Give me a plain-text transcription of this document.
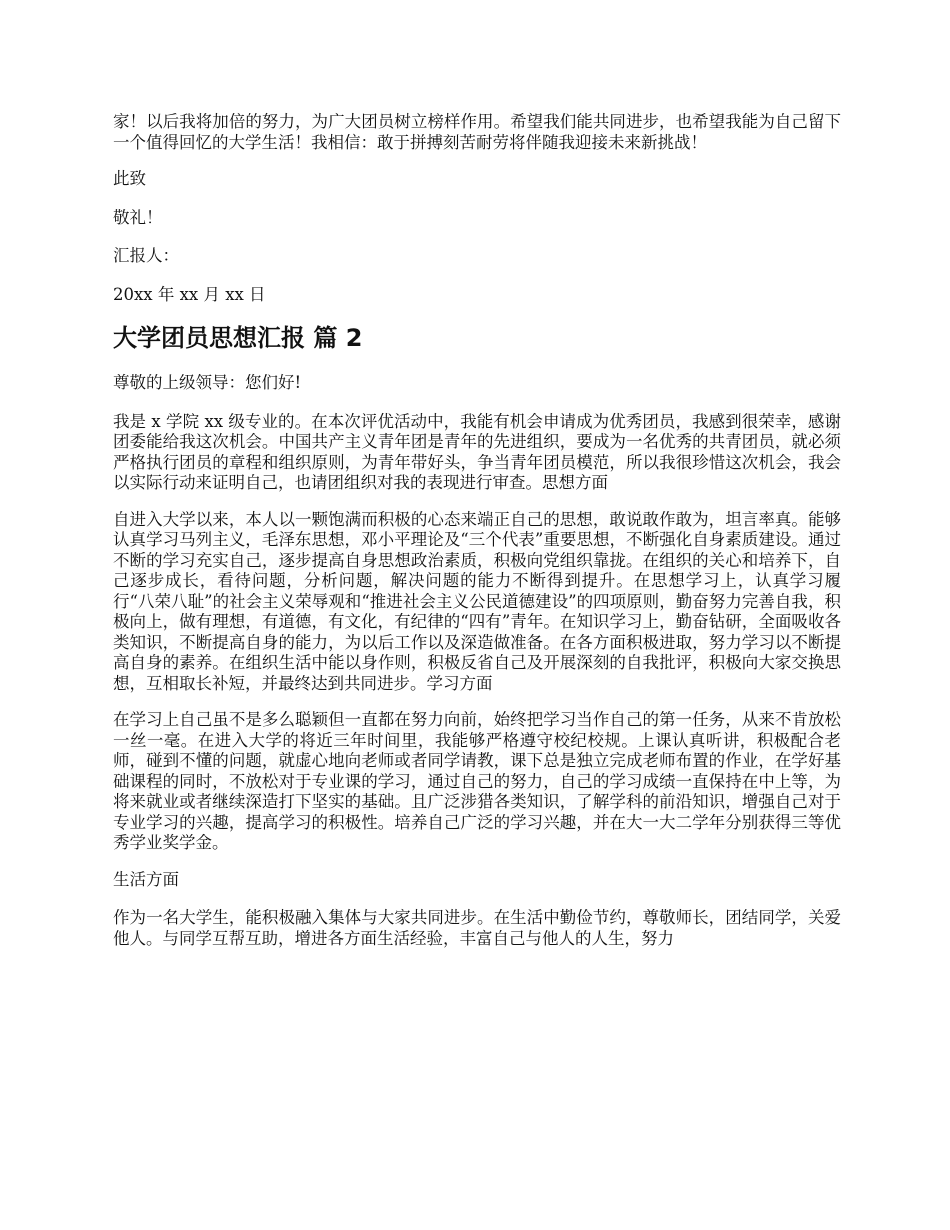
家！以后我将加倍的努力，为广大团员树立榜样作用。希望我们能共同进步，也希望我能为自己留下一个值得回忆的大学生活！我相信：敢于拼搏刻苦耐劳将伴随我迎接未来新挑战！

此致

敬礼！

汇报人：

20xx 年 xx 月 xx 日

大学团员思想汇报 篇 2

尊敬的上级领导：您们好!

我是 x 学院 xx 级专业的。在本次评优活动中，我能有机会申请成为优秀团员，我感到很荣幸，感谢团委能给我这次机会。中国共产主义青年团是青年的先进组织，要成为一名优秀的共青团员，就必须严格执行团员的章程和组织原则，为青年带好头，争当青年团员模范，所以我很珍惜这次机会，我会以实际行动来证明自己，也请团组织对我的表现进行审查。思想方面

自进入大学以来，本人以一颗饱满而积极的心态来端正自己的思想，敢说敢作敢为，坦言率真。能够认真学习马列主义，毛泽东思想，邓小平理论及“三个代表”重要思想，不断强化自身素质建设。通过不断的学习充实自己，逐步提高自身思想政治素质，积极向党组织靠拢。在组织的关心和培养下，自己逐步成长，看待问题，分析问题，解决问题的能力不断得到提升。在思想学习上，认真学习履行“八荣八耻”的社会主义荣辱观和“推进社会主义公民道德建设”的四项原则，勤奋努力完善自我，积极向上，做有理想，有道德，有文化，有纪律的“四有”青年。在知识学习上，勤奋钻研，全面吸收各类知识，不断提高自身的能力，为以后工作以及深造做准备。在各方面积极进取，努力学习以不断提高自身的素养。在组织生活中能以身作则，积极反省自己及开展深刻的自我批评，积极向大家交换思想，互相取长补短，并最终达到共同进步。学习方面

在学习上自己虽不是多么聪颖但一直都在努力向前，始终把学习当作自己的第一任务，从来不肯放松一丝一毫。在进入大学的将近三年时间里，我能够严格遵守校纪校规。上课认真听讲，积极配合老师，碰到不懂的问题，就虚心地向老师或者同学请教，课下总是独立完成老师布置的作业，在学好基础课程的同时，不放松对于专业课的学习，通过自己的努力，自己的学习成绩一直保持在中上等，为将来就业或者继续深造打下坚实的基础。且广泛涉猎各类知识，了解学科的前沿知识，增强自己对于专业学习的兴趣，提高学习的积极性。培养自己广泛的学习兴趣，并在大一大二学年分别获得三等优秀学业奖学金。

生活方面

作为一名大学生，能积极融入集体与大家共同进步。在生活中勤俭节约，尊敬师长，团结同学，关爱他人。与同学互帮互助，增进各方面生活经验，丰富自己与他人的人生，努力
